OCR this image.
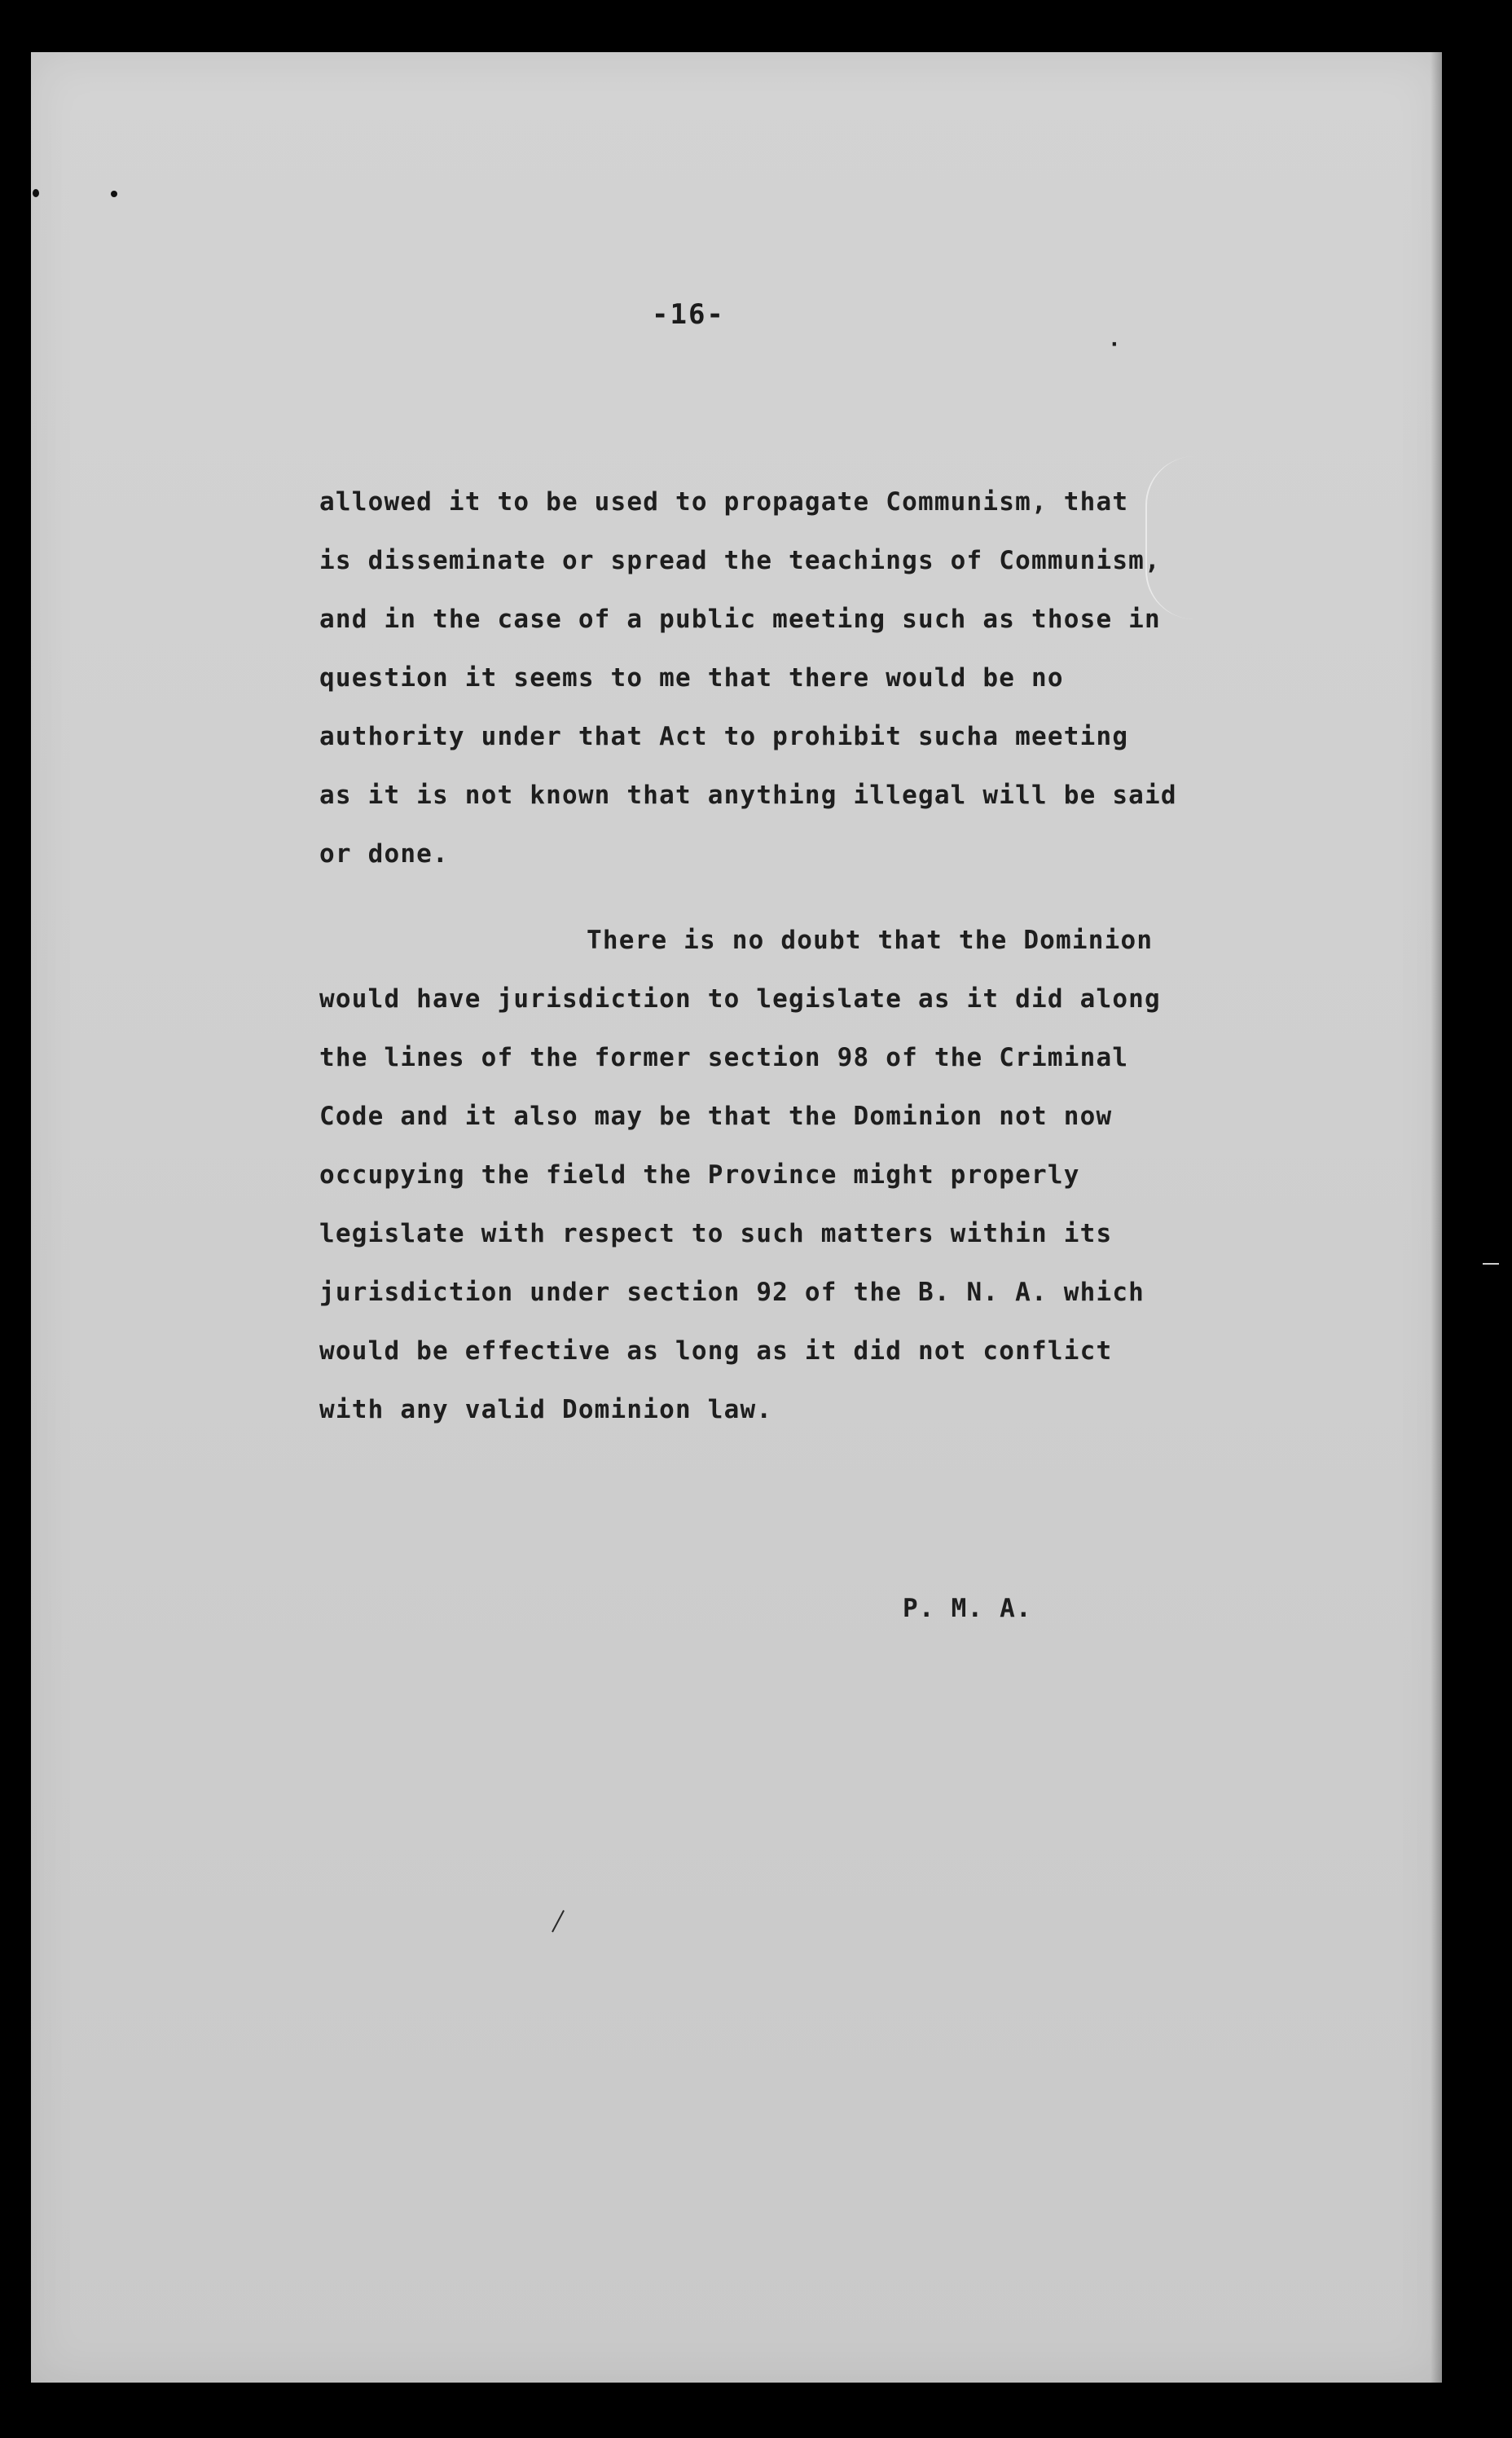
-16-
·
allowed it to be used to propagate Communism, that
is disseminate or spread the teachings of Communism,
and in the case of a public meeting such as those in
question it seems to me that there would be no
authority under that Act to prohibit sucha meeting
as it is not known that anything illegal will be said
or done.
There is no doubt that the Dominion
would have jurisdiction to legislate as it did along
the lines of the former section 98 of the Criminal
Code and it also may be that the Dominion not now
occupying the field the Province might properly
legislate with respect to such matters within its
jurisdiction under section 92 of the B. N. A. which
would be effective as long as it did not conflict
with any valid Dominion law.
P. M. A.
